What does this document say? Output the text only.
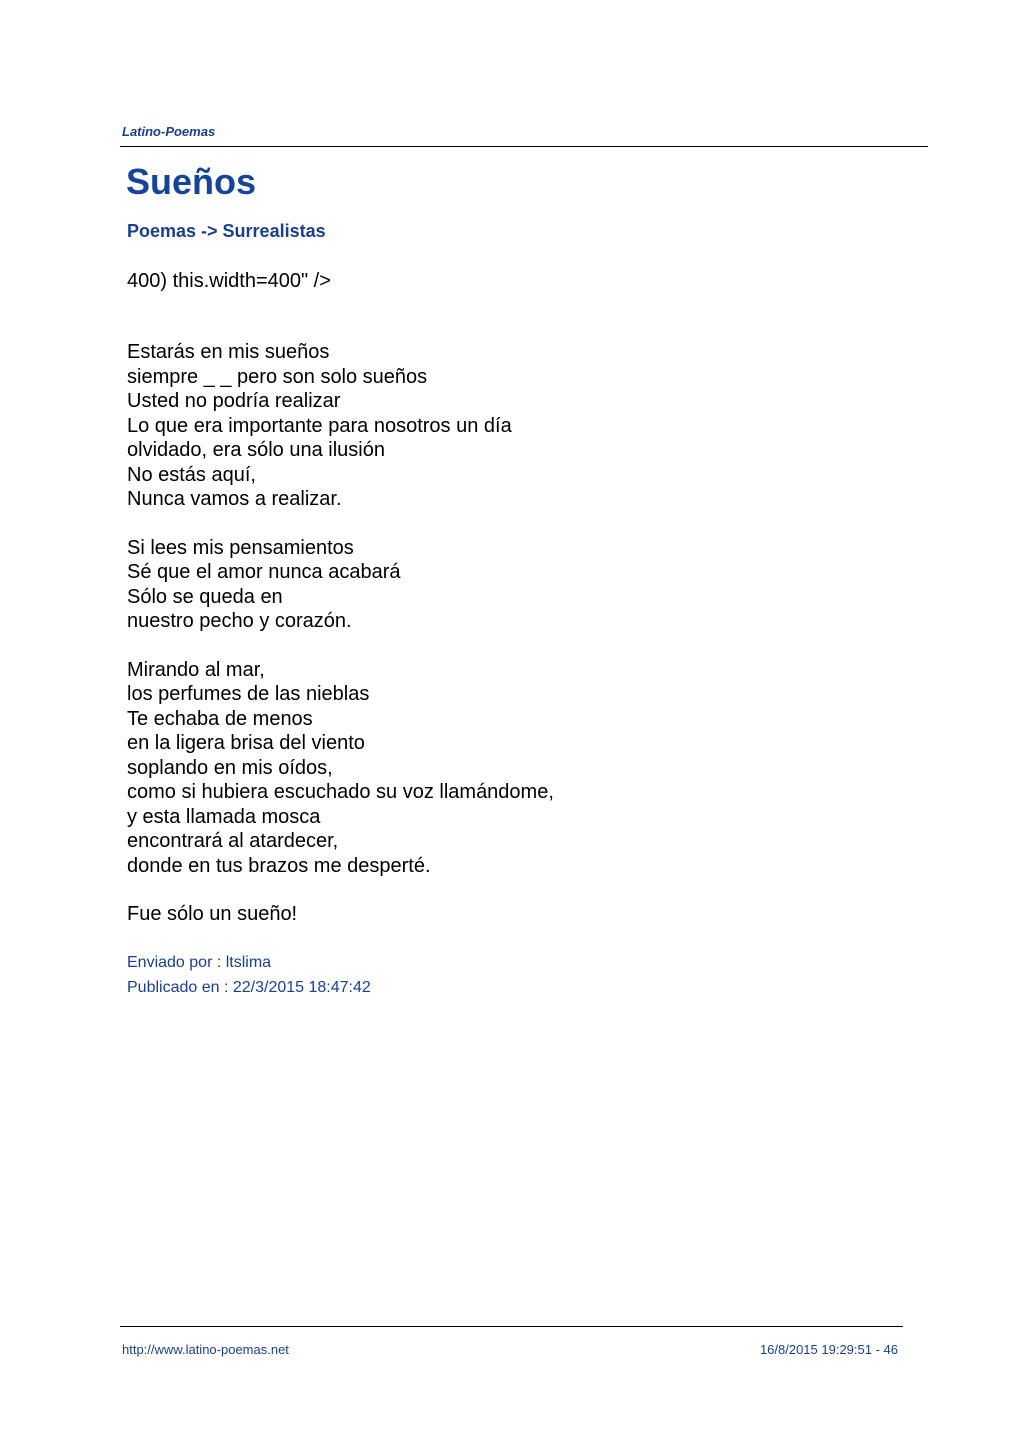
Latino-Poemas
Sueños
Poemas -> Surrealistas
400) this.width=400" />
Estarás en mis sueños
siempre _ _ pero son solo sueños
Usted no podría realizar
Lo que era importante para nosotros un día
olvidado, era sólo una ilusión
No estás aquí,
Nunca vamos a realizar.
Si lees mis pensamientos
Sé que el amor nunca acabará
Sólo se queda en
nuestro pecho y corazón.
Mirando al mar,
los perfumes de las nieblas
Te echaba de menos
en la ligera brisa del viento
soplando en mis oídos,
como si hubiera escuchado su voz llamándome,
y esta llamada mosca
encontrará al atardecer,
donde en tus brazos me desperté.
Fue sólo un sueño!
Enviado por : ltslima
Publicado en : 22/3/2015 18:47:42
http://www.latino-poemas.net	16/8/2015 19:29:51 - 46
